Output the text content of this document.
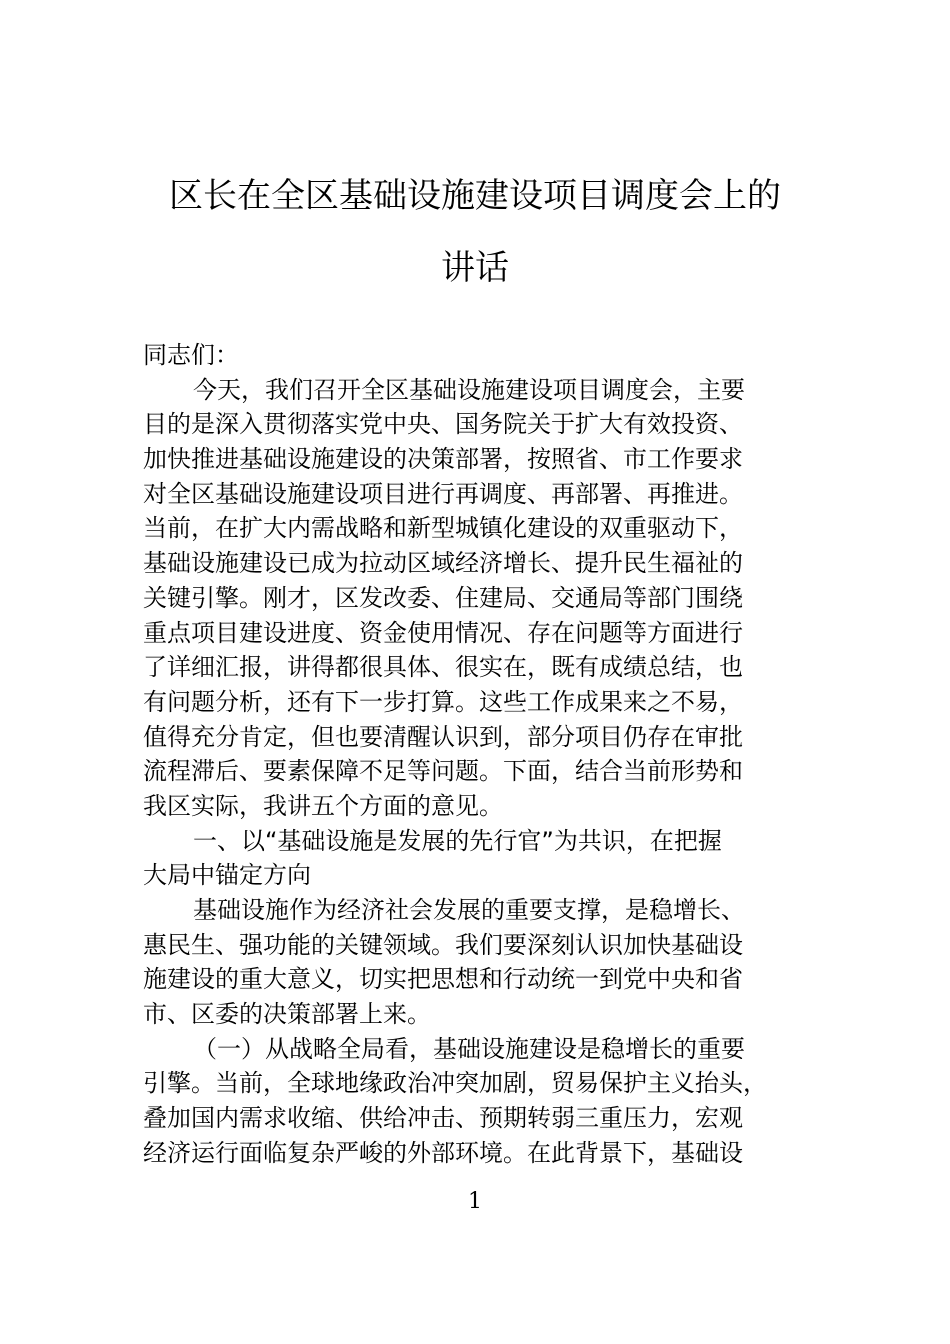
区长在全区基础设施建设项目调度会上的
讲话
同志们：
今天，我们召开全区基础设施建设项目调度会，主要
目的是深入贯彻落实党中央、国务院关于扩大有效投资、
加快推进基础设施建设的决策部署，按照省、市工作要求
对全区基础设施建设项目进行再调度、再部署、再推进。
当前，在扩大内需战略和新型城镇化建设的双重驱动下，
基础设施建设已成为拉动区域经济增长、提升民生福祉的
关键引擎。刚才，区发改委、住建局、交通局等部门围绕
重点项目建设进度、资金使用情况、存在问题等方面进行
了详细汇报，讲得都很具体、很实在，既有成绩总结，也
有问题分析，还有下一步打算。这些工作成果来之不易，
值得充分肯定，但也要清醒认识到，部分项目仍存在审批
流程滞后、要素保障不足等问题。下面，结合当前形势和
我区实际，我讲五个方面的意见。
一、以“基础设施是发展的先行官”为共识，在把握
大局中锚定方向
基础设施作为经济社会发展的重要支撑，是稳增长、
惠民生、强功能的关键领域。我们要深刻认识加快基础设
施建设的重大意义，切实把思想和行动统一到党中央和省
市、区委的决策部署上来。
（一）从战略全局看，基础设施建设是稳增长的重要
引擎。当前，全球地缘政治冲突加剧，贸易保护主义抬头，
叠加国内需求收缩、供给冲击、预期转弱三重压力，宏观
经济运行面临复杂严峻的外部环境。在此背景下，基础设
1
